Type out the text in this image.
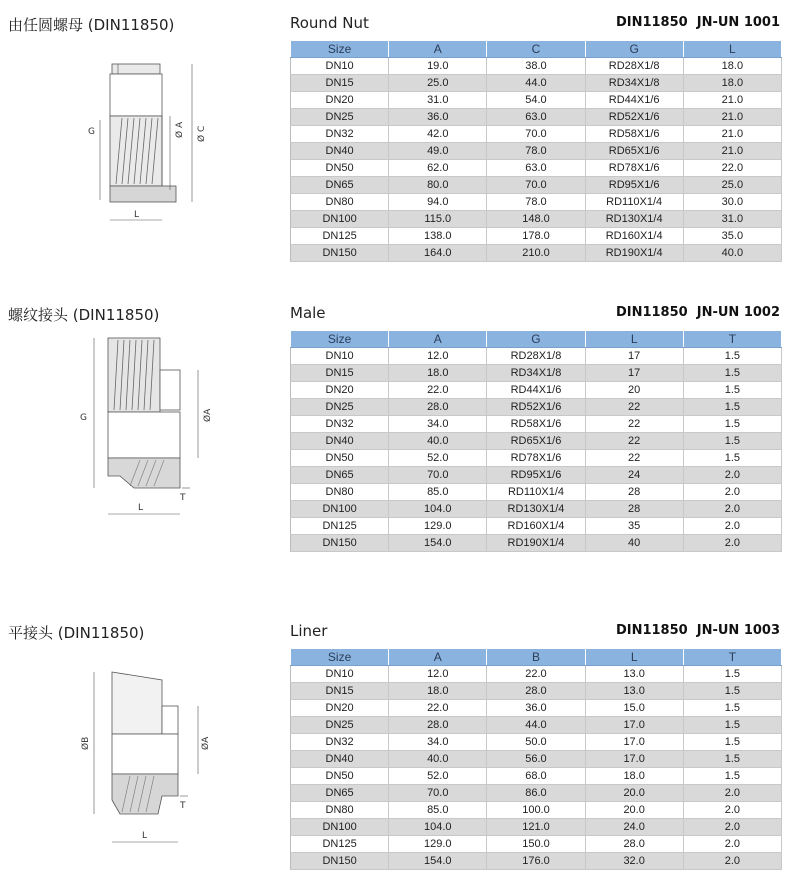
由任圆螺母 (DIN11850)	Round Nut	DIN11850  JN-UN 1001
G	Ø A Ø C
L
Size	A	C	G	L
DN10	19.0	38.0	RD28X1/8	18.0
DN15	25.0	44.0	RD34X1/8	18.0
DN20	31.0	54.0	RD44X1/6	21.0
DN25	36.0	63.0	RD52X1/6	21.0
DN32	42.0	70.0	RD58X1/6	21.0
DN40	49.0	78.0	RD65X1/6	21.0
DN50	62.0	63.0	RD78X1/6	22.0
DN65	80.0	70.0	RD95X1/6	25.0
DN80	94.0	78.0	RD110X1/4	30.0
DN100	115.0	148.0	RD130X1/4	31.0
DN125	138.0	178.0	RD160X1/4	35.0
DN150	164.0	210.0	RD190X1/4	40.0
螺纹接头 (DIN11850)	Male	DIN11850  JN-UN 1002
G	ØA
T
L
Size	A	G	L	T
DN10	12.0	RD28X1/8	17	1.5
DN15	18.0	RD34X1/8	17	1.5
DN20	22.0	RD44X1/6	20	1.5
DN25	28.0	RD52X1/6	22	1.5
DN32	34.0	RD58X1/6	22	1.5
DN40	40.0	RD65X1/6	22	1.5
DN50	52.0	RD78X1/6	22	1.5
DN65	70.0	RD95X1/6	24	2.0
DN80	85.0	RD110X1/4	28	2.0
DN100	104.0	RD130X1/4	28	2.0
DN125	129.0	RD160X1/4	35	2.0
DN150	154.0	RD190X1/4	40	2.0
平接头 (DIN11850)	Liner	DIN11850  JN-UN 1003
ØB	ØA
T
L
Size	A	B	L	T
DN10	12.0	22.0	13.0	1.5
DN15	18.0	28.0	13.0	1.5
DN20	22.0	36.0	15.0	1.5
DN25	28.0	44.0	17.0	1.5
DN32	34.0	50.0	17.0	1.5
DN40	40.0	56.0	17.0	1.5
DN50	52.0	68.0	18.0	1.5
DN65	70.0	86.0	20.0	2.0
DN80	85.0	100.0	20.0	2.0
DN100	104.0	121.0	24.0	2.0
DN125	129.0	150.0	28.0	2.0
DN150	154.0	176.0	32.0	2.0
